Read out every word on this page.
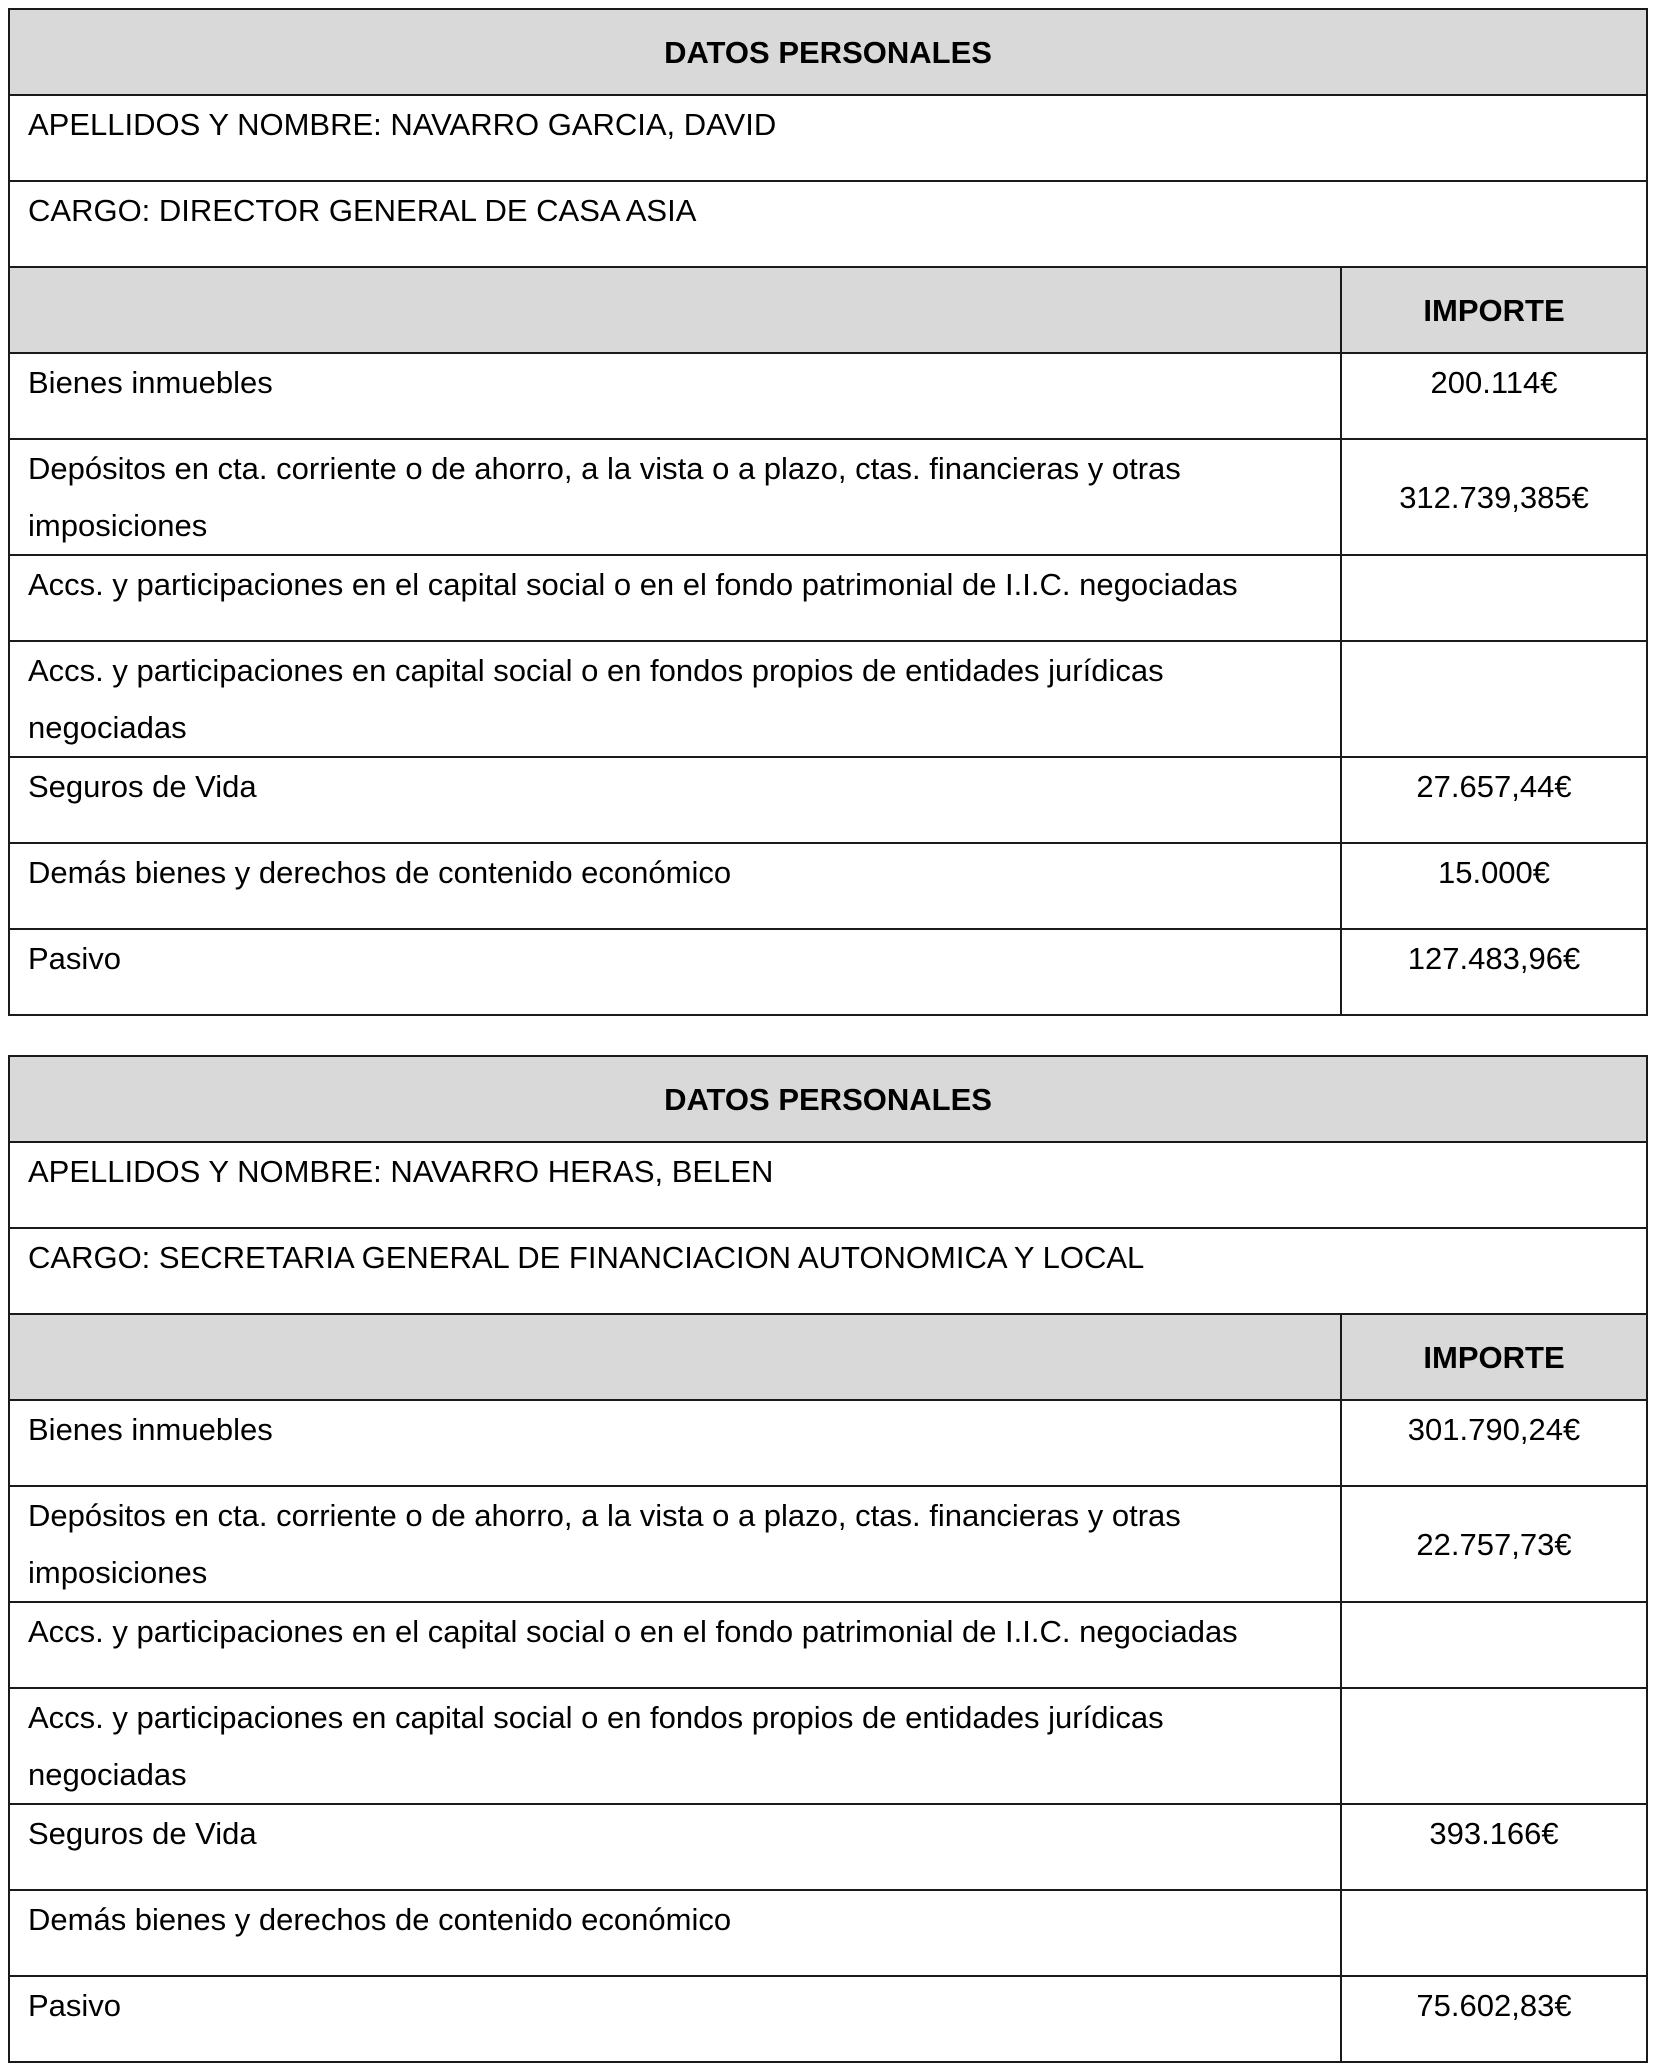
DATOS PERSONALES	
APELLIDOS Y NOMBRE: NAVARRO GARCIA, DAVID	
CARGO: DIRECTOR GENERAL DE CASA ASIA	
	IMPORTE
Bienes inmuebles	200.114€
Depósitos en cta. corriente o de ahorro, a la vista o a plazo, ctas. financieras y otras imposiciones	312.739,385€
Accs. y participaciones en el capital social o en el fondo patrimonial de I.I.C. negociadas	
Accs. y participaciones en capital social o en fondos propios de entidades jurídicas negociadas	
Seguros de Vida	27.657,44€
Demás bienes y derechos de contenido económico	15.000€
Pasivo	127.483,96€
DATOS PERSONALES	
APELLIDOS Y NOMBRE: NAVARRO HERAS, BELEN	
CARGO: SECRETARIA GENERAL DE FINANCIACION AUTONOMICA Y LOCAL	
	IMPORTE
Bienes inmuebles	301.790,24€
Depósitos en cta. corriente o de ahorro, a la vista o a plazo, ctas. financieras y otras imposiciones	22.757,73€
Accs. y participaciones en el capital social o en el fondo patrimonial de I.I.C. negociadas	
Accs. y participaciones en capital social o en fondos propios de entidades jurídicas negociadas	
Seguros de Vida	393.166€
Demás bienes y derechos de contenido económico	
Pasivo	75.602,83€
